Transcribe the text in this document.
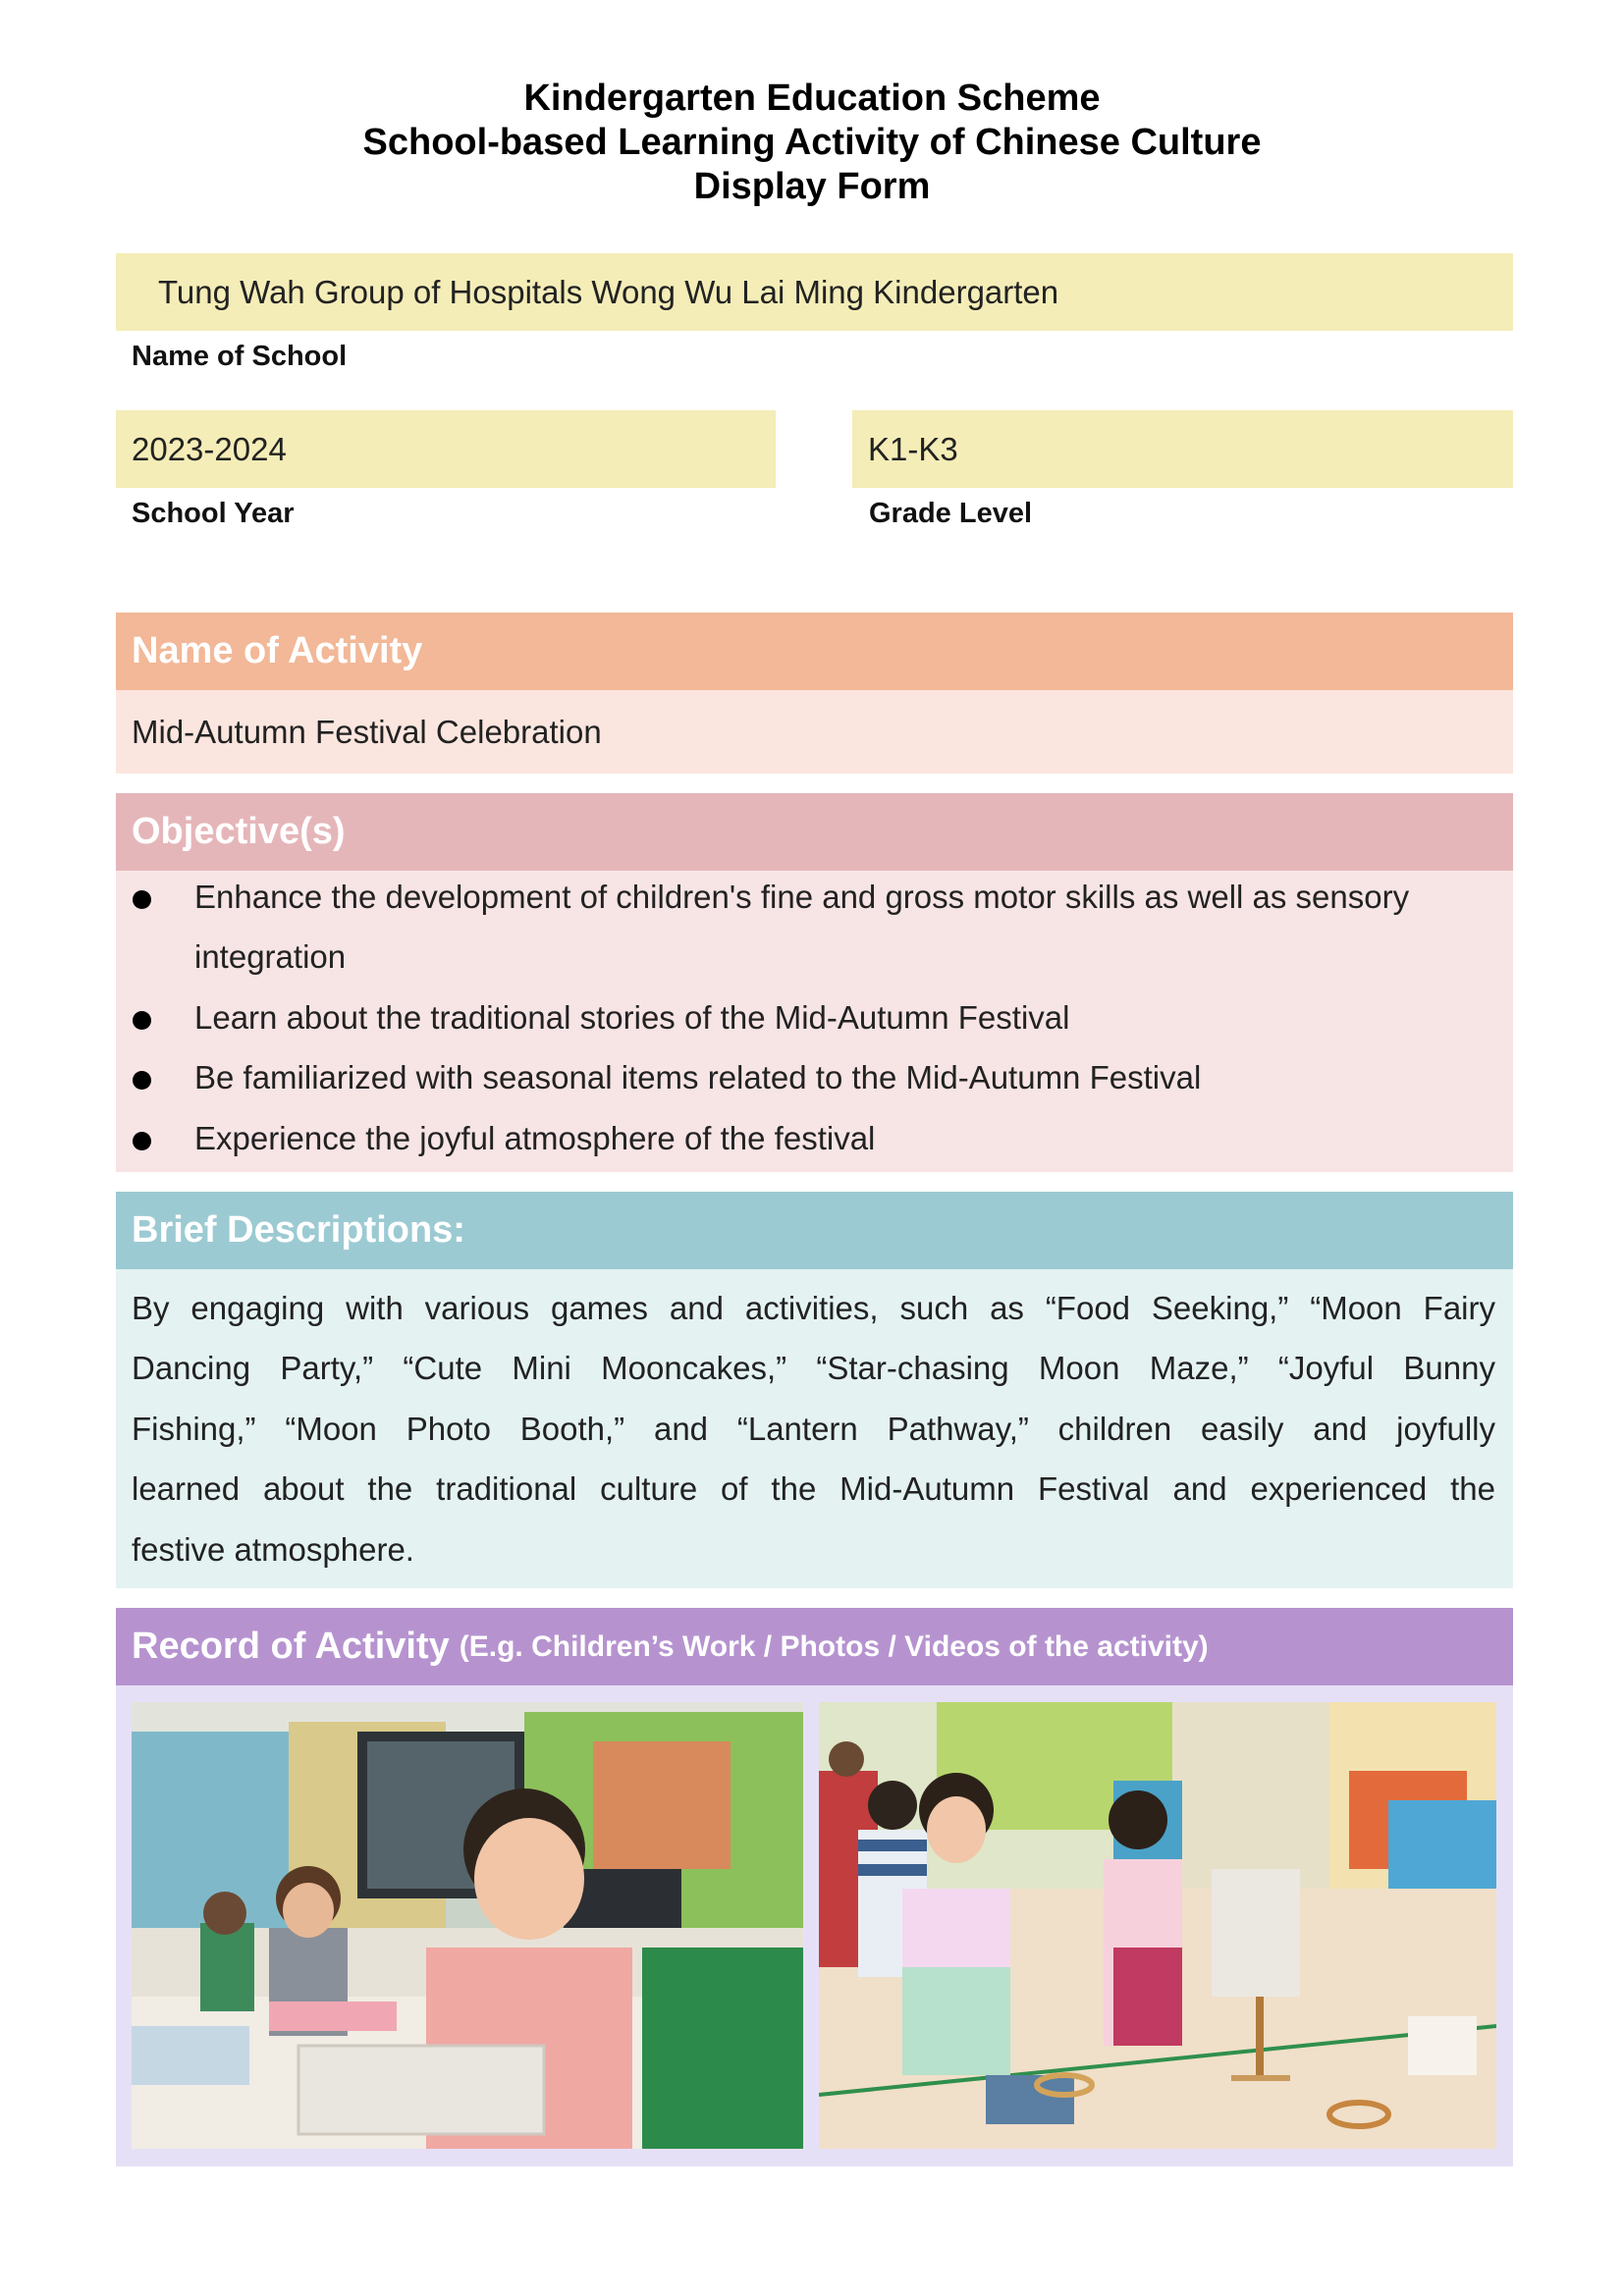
Kindergarten Education Scheme
School-based Learning Activity of Chinese Culture
Display Form
Tung Wah Group of Hospitals Wong Wu Lai Ming Kindergarten
Name of School
2023-2024
School Year
K1-K3
Grade Level
Name of Activity
Mid-Autumn Festival Celebration
Objective(s)
Enhance the development of children's fine and gross motor skills as well as sensory
integration
Learn about the traditional stories of the Mid-Autumn Festival
Be familiarized with seasonal items related to the Mid-Autumn Festival
Experience the joyful atmosphere of the festival
Brief Descriptions:
By engaging with various games and activities, such as “Food Seeking,” “Moon Fairy
Dancing Party,” “Cute Mini Mooncakes,” “Star-chasing Moon Maze,” “Joyful Bunny
Fishing,” “Moon Photo Booth,” and “Lantern Pathway,” children easily and joyfully
learned about the traditional culture of the Mid-Autumn Festival and experienced the
festive atmosphere.
Record of Activity (E.g. Children’s Work / Photos / Videos of the activity)
